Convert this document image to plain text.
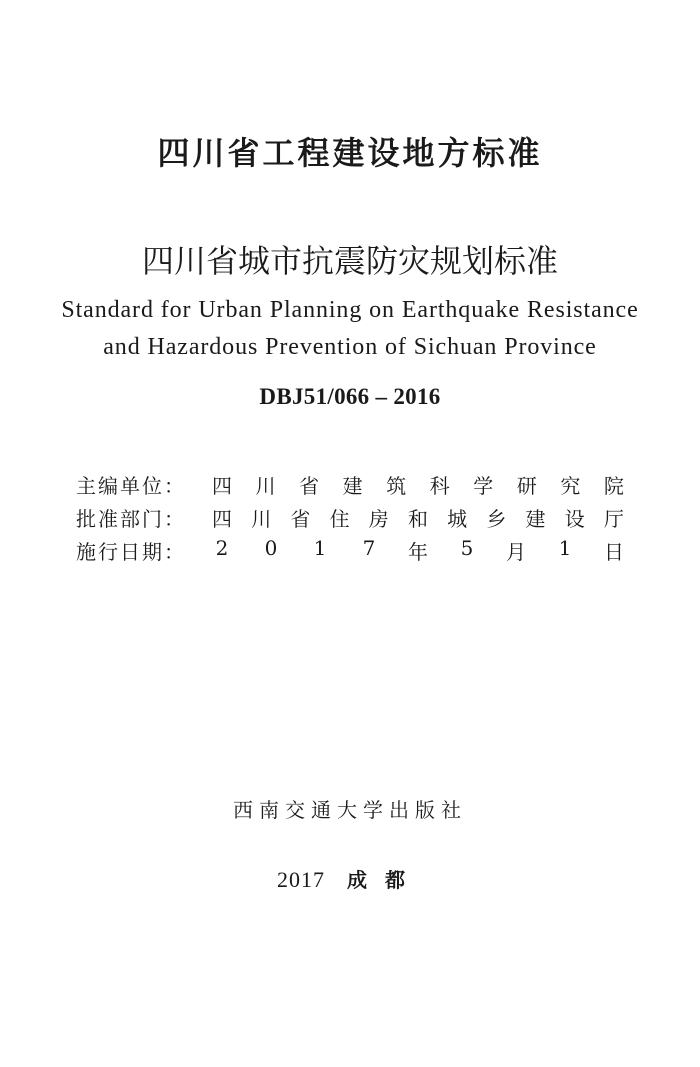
四川省工程建设地方标准
四川省城市抗震防灾规划标准
Standard for Urban Planning on Earthquake Resistance
and Hazardous Prevention of Sichuan Province
DBJ51/066 – 2016
主编单位： 四 川 省 建 筑 科 学 研 究 院
批准部门： 四 川 省 住 房 和 城 乡 建 设 厅
施行日期： 2 0 1 7 年 5 月 1 日
西南交通大学出版社
2017 成都
